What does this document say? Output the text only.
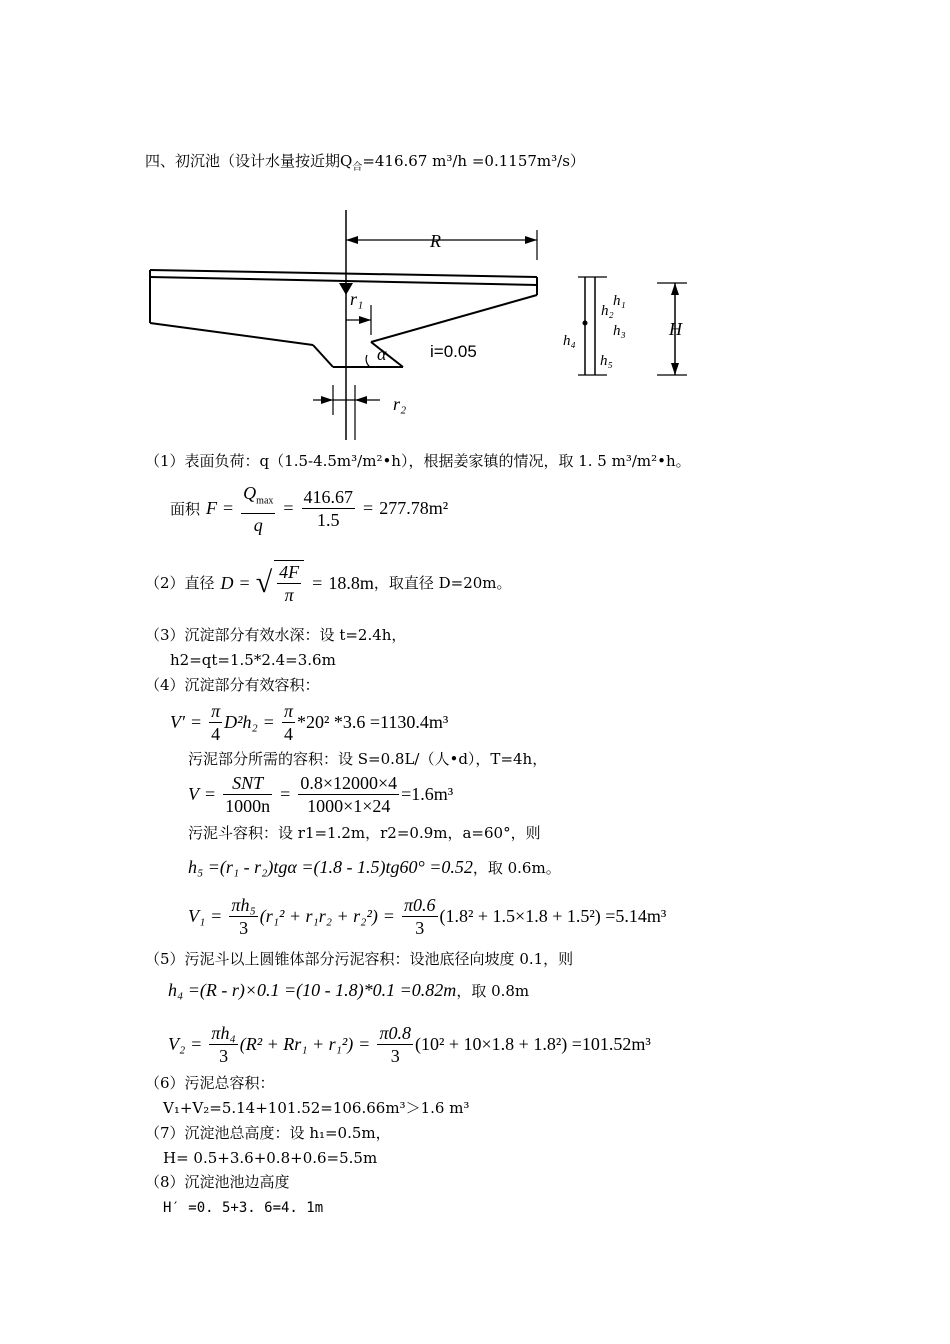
四、初沉池（设计水量按近期$Q_合=416.67$ m³/h =0.1157m³/s）
R
r₁
r₂
α
h₁
h₂
h₃
h₄
h₅
H
i=0.05
（1）表面负荷：q（1.5-4.5m³/m²•h），根据姜家镇的情况，取 1. 5 m³/m²•h。
面积 $F = \frac{Q_{max}}{q} = \frac{416.67}{1.5} = 277.78m^2$
（2）直径 D = √ $\frac{4F}{\pi} = 18.8m$ ，取直径 D=20m。
（3）沉淀部分有效水深：设 t=2.4h，
h2=qt=1.5*2.4=3.6m
（4）沉淀部分有效容积：
$V' = \frac{\pi}{4} D^2h_2 = \frac{\pi}{4} *20^2$ *3.6 =1130.4m³
污泥部分所需的容积：设 S=0.8L/（人•d），T=4h，
$V = \frac{\text{SNT}}{1000n} = \frac{0.8\times 12000\times 4}{1000\times 1\times 24} =1.6m^3$
污泥斗容积：设 r1=1.2m，r2=0.9m，a=60°，则
h₅ =(r₁ - r₂)tgα =(1.8 - 1.5)tg60° =0.52 ，取 0.6m。
$V_1 = \frac{\text{πh₅}}{3} (r_1^2 + r_1r_2 + r_2^2) = \frac{\pi 0.6}{3} (1.8^2 + 1.5\times 1.8 + 1.5^2) =5.14m^3$
（5）污泥斗以上圆锥体部分污泥容积：设池底径向坡度 0.1，则
h₄ =(R - r)×0.1 =(10 - 1.8)*0.1 =0.82m ，取 0.8m
$V_2 = \frac{\text{πh₄}}{3} (R^2 + Rr_1 + r_1^2) = \frac{\pi 0.8}{3} (10^2 + 10\times 1.8 + 1.8^2) =101.52m^3$
（6）污泥总容积：
V₁+V₂=5.14+101.52=106.66m³＞1.6 m³
（7）沉淀池总高度：设 h₁=0.5m，
H= 0.5+3.6+0.8+0.6=5.5m
（8）沉淀池池边高度
H′ =0. 5+3. 6=4. 1m
